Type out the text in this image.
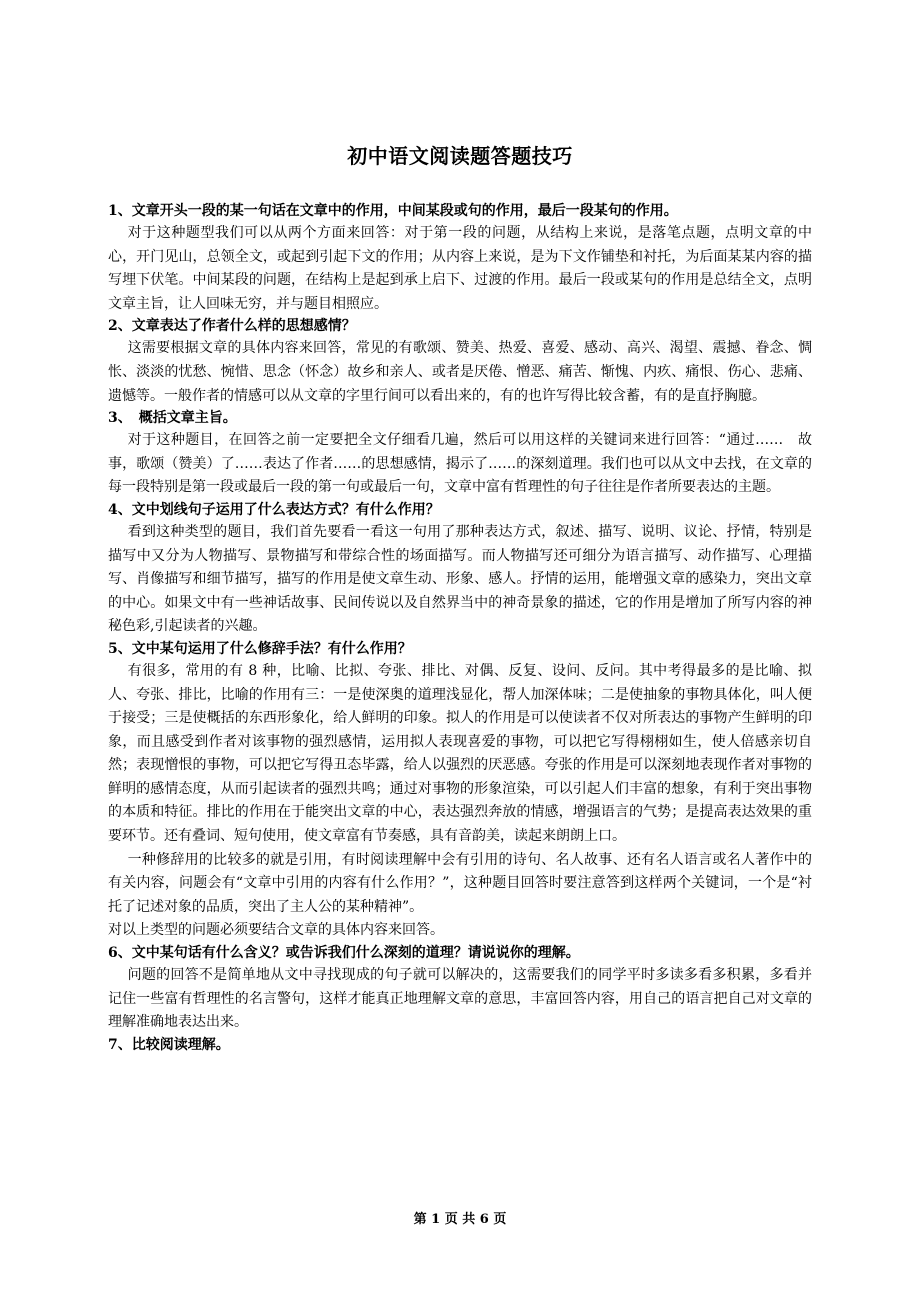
初中语文阅读题答题技巧

1、文章开头一段的某一句话在文章中的作用，中间某段或句的作用，最后一段某句的作用。

对于这种题型我们可以从两个方面来回答：对于第一段的问题，从结构上来说，是落笔点题，点明文章的中心，开门见山，总领全文，或起到引起下文的作用；从内容上来说，是为下文作铺垫和衬托，为后面某某内容的描写埋下伏笔。中间某段的问题，在结构上是起到承上启下、过渡的作用。最后一段或某句的作用是总结全文，点明文章主旨，让人回味无穷，并与题目相照应。

2、文章表达了作者什么样的思想感情？

这需要根据文章的具体内容来回答，常见的有歌颂、赞美、热爱、喜爱、感动、高兴、渴望、震撼、眷念、惆怅、淡淡的忧愁、惋惜、思念（怀念）故乡和亲人、或者是厌倦、憎恶、痛苦、惭愧、内疚、痛恨、伤心、悲痛、遗憾等。一般作者的情感可以从文章的字里行间可以看出来的，有的也许写得比较含蓄，有的是直抒胸臆。

3、　概括文章主旨。

对于这种题目，在回答之前一定要把全文仔细看几遍，然后可以用这样的关键词来进行回答：“通过……　故事，歌颂（赞美）了……表达了作者……的思想感情，揭示了……的深刻道理。我们也可以从文中去找，在文章的每一段特别是第一段或最后一段的第一句或最后一句，文章中富有哲理性的句子往往是作者所要表达的主题。

4、文中划线句子运用了什么表达方式？有什么作用？

看到这种类型的题目，我们首先要看一看这一句用了那种表达方式，叙述、描写、说明、议论、抒情，特别是描写中又分为人物描写、景物描写和带综合性的场面描写。而人物描写还可细分为语言描写、动作描写、心理描写、肖像描写和细节描写，描写的作用是使文章生动、形象、感人。抒情的运用，能增强文章的感染力，突出文章的中心。如果文中有一些神话故事、民间传说以及自然界当中的神奇景象的描述，它的作用是增加了所写内容的神秘色彩,引起读者的兴趣。

5、文中某句运用了什么修辞手法？有什么作用？

有很多，常用的有 8 种，比喻、比拟、夸张、排比、对偶、反复、设问、反问。其中考得最多的是比喻、拟人、夸张、排比，比喻的作用有三：一是使深奥的道理浅显化，帮人加深体味；二是使抽象的事物具体化，叫人便于接受；三是使概括的东西形象化，给人鲜明的印象。拟人的作用是可以使读者不仅对所表达的事物产生鲜明的印象，而且感受到作者对该事物的强烈感情，运用拟人表现喜爱的事物，可以把它写得栩栩如生，使人倍感亲切自然；表现憎恨的事物，可以把它写得丑态毕露，给人以强烈的厌恶感。夸张的作用是可以深刻地表现作者对事物的鲜明的感情态度，从而引起读者的强烈共鸣；通过对事物的形象渲染，可以引起人们丰富的想象，有利于突出事物的本质和特征。排比的作用在于能突出文章的中心，表达强烈奔放的情感，增强语言的气势；是提高表达效果的重要环节。还有叠词、短句使用，使文章富有节奏感，具有音韵美，读起来朗朗上口。

一种修辞用的比较多的就是引用，有时阅读理解中会有引用的诗句、名人故事、还有名人语言或名人著作中的有关内容，问题会有“文章中引用的内容有什么作用？”，这种题目回答时要注意答到这样两个关键词，一个是“衬托了记述对象的品质，突出了主人公的某种精神”。

对以上类型的问题必须要结合文章的具体内容来回答。

6、文中某句话有什么含义？或告诉我们什么深刻的道理？请说说你的理解。

问题的回答不是简单地从文中寻找现成的句子就可以解决的，这需要我们的同学平时多读多看多积累，多看并记住一些富有哲理性的名言警句，这样才能真正地理解文章的意思，丰富回答内容，用自己的语言把自己对文章的理解准确地表达出来。

7、比较阅读理解。

第 1 页 共 6 页
